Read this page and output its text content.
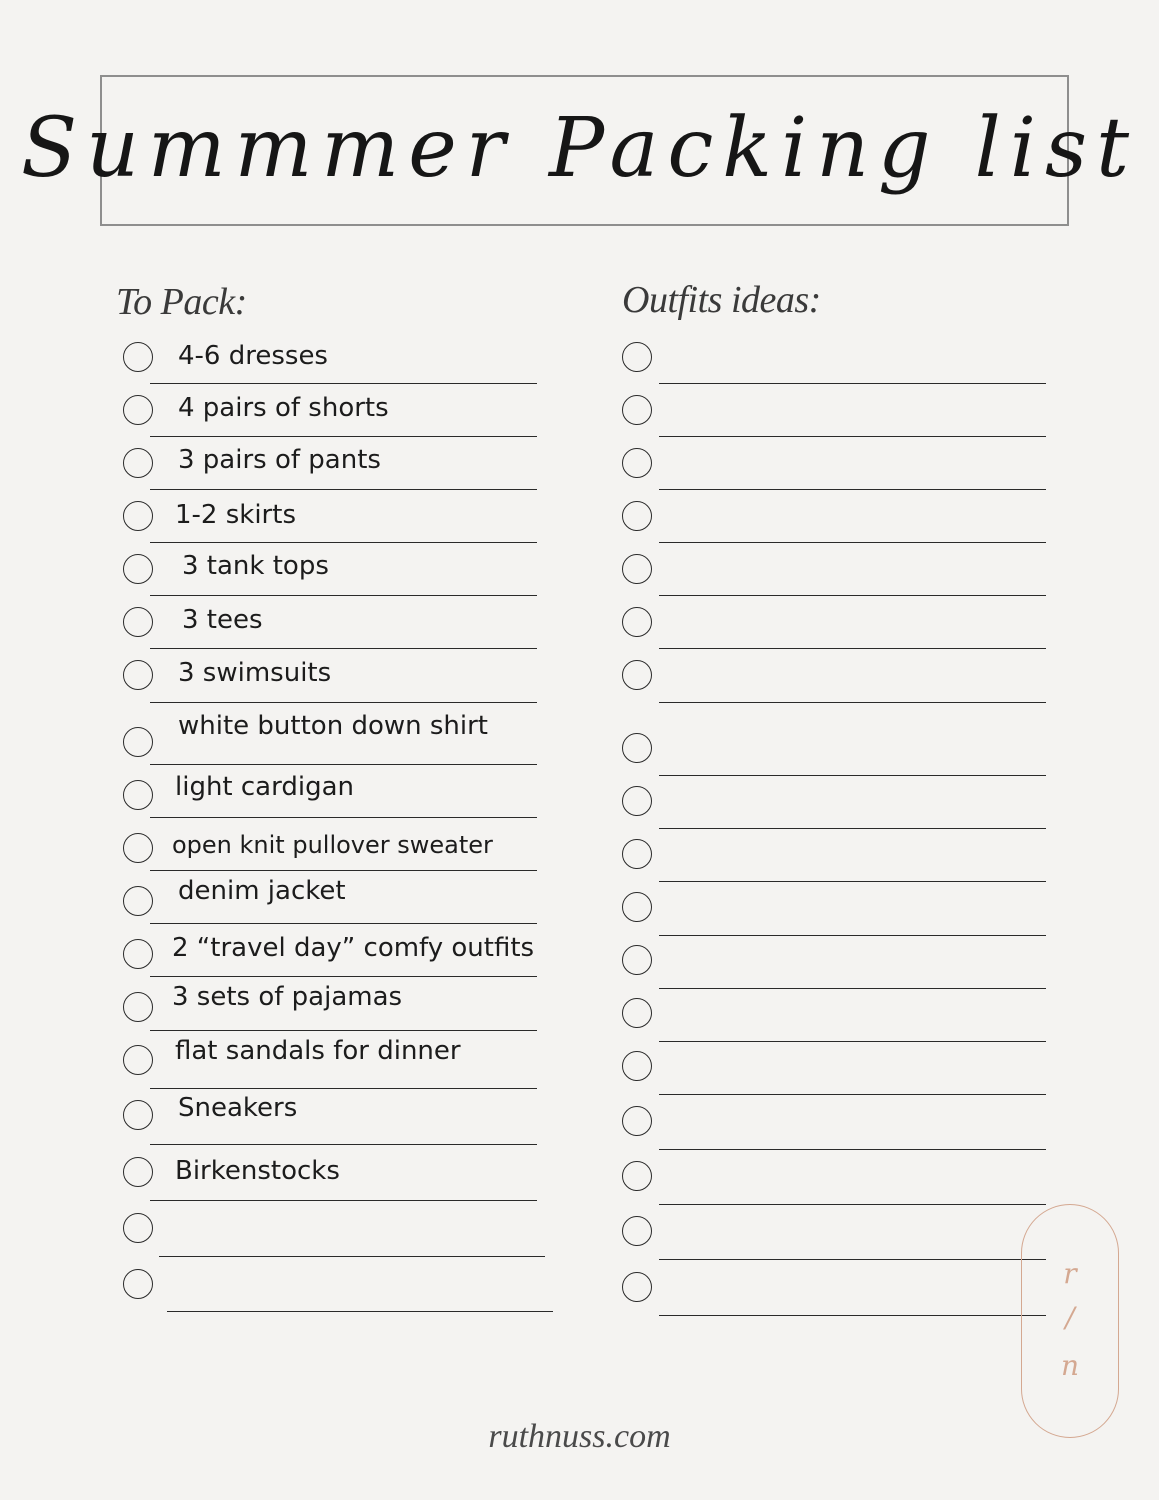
Summmer Packing list
To Pack:	Outfits ideas:
4-6 dresses
4 pairs of shorts
3 pairs of pants
1-2 skirts
3 tank tops
3 tees
3 swimsuits
white button down shirt
light cardigan
open knit pullover sweater
denim jacket
2 “travel day” comfy outfits
3 sets of pajamas
flat sandals for dinner
Sneakers
Birkenstocks
r
/
n
ruthnuss.com
